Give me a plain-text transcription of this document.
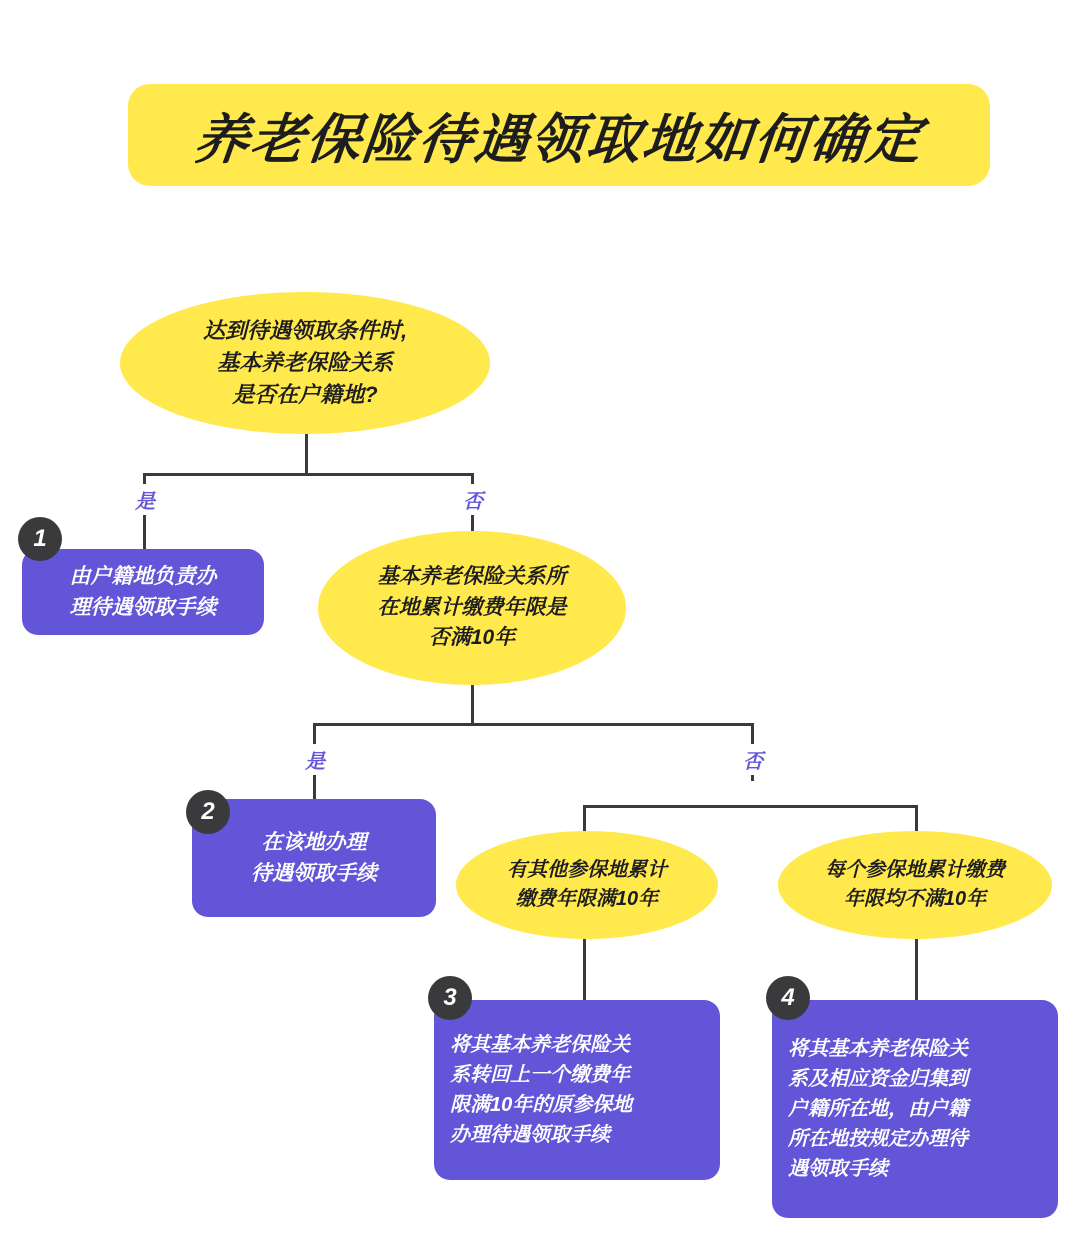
养老保险待遇领取地如何确定
是	否
是	否
达到待遇领取条件时,
基本养老保险关系
是否在户籍地?
1
由户籍地负责办
理待遇领取手续
基本养老保险关系所
在地累计缴费年限是
否满10年
2
在该地办理
待遇领取手续	有其他参保地累计
缴费年限满10年
每个参保地累计缴费
年限均不满10年
3
将其基本养老保险关
系转回上一个缴费年
限满10年的原参保地
办理待遇领取手续
4
将其基本养老保险关
系及相应资金归集到
户籍所在地，由户籍
所在地按规定办理待
遇领取手续
